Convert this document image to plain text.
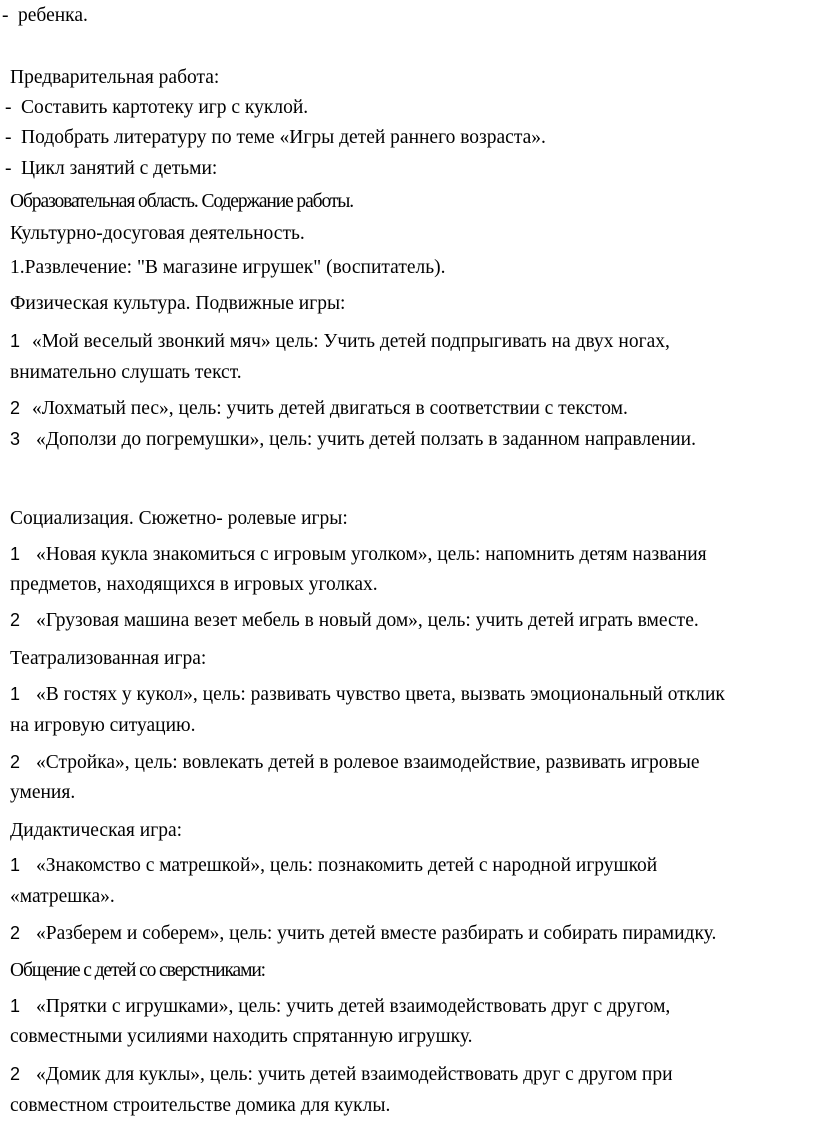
- ребенка.
Предварительная работа:
- Составить картотеку игр с куклой.
- Подобрать литературу по теме «Игры детей раннего возраста».
- Цикл занятий с детьми:
Образовательная область. Содержание работы.
Культурно-досуговая деятельность.
1.Развлечение: "В магазине игрушек" (воспитатель).
Физическая культура. Подвижные игры:
1 «Мой веселый звонкий мяч» цель: Учить детей подпрыгивать на двух ногах,
внимательно слушать текст.
2 «Лохматый пес», цель: учить детей двигаться в соответствии с текстом.
3 «Доползи до погремушки», цель: учить детей ползать в заданном направлении.
Социализация. Сюжетно- ролевые игры:
1 «Новая кукла знакомиться с игровым уголком», цель: напомнить детям названия
предметов, находящихся в игровых уголках.
2 «Грузовая машина везет мебель в новый дом», цель: учить детей играть вместе.
Театрализованная игра:
1 «В гостях у кукол», цель: развивать чувство цвета, вызвать эмоциональный отклик
на игровую ситуацию.
2 «Стройка», цель: вовлекать детей в ролевое взаимодействие, развивать игровые
умения.
Дидактическая игра:
1 «Знакомство с матрешкой», цель: познакомить детей с народной игрушкой
«матрешка».
2 «Разберем и соберем», цель: учить детей вместе разбирать и собирать пирамидку.
Общение с детей со сверстниками:
1 «Прятки с игрушками», цель: учить детей взаимодействовать друг с другом,
совместными усилиями находить спрятанную игрушку.
2 «Домик для куклы», цель: учить детей взаимодействовать друг с другом при
совместном строительстве домика для куклы.
